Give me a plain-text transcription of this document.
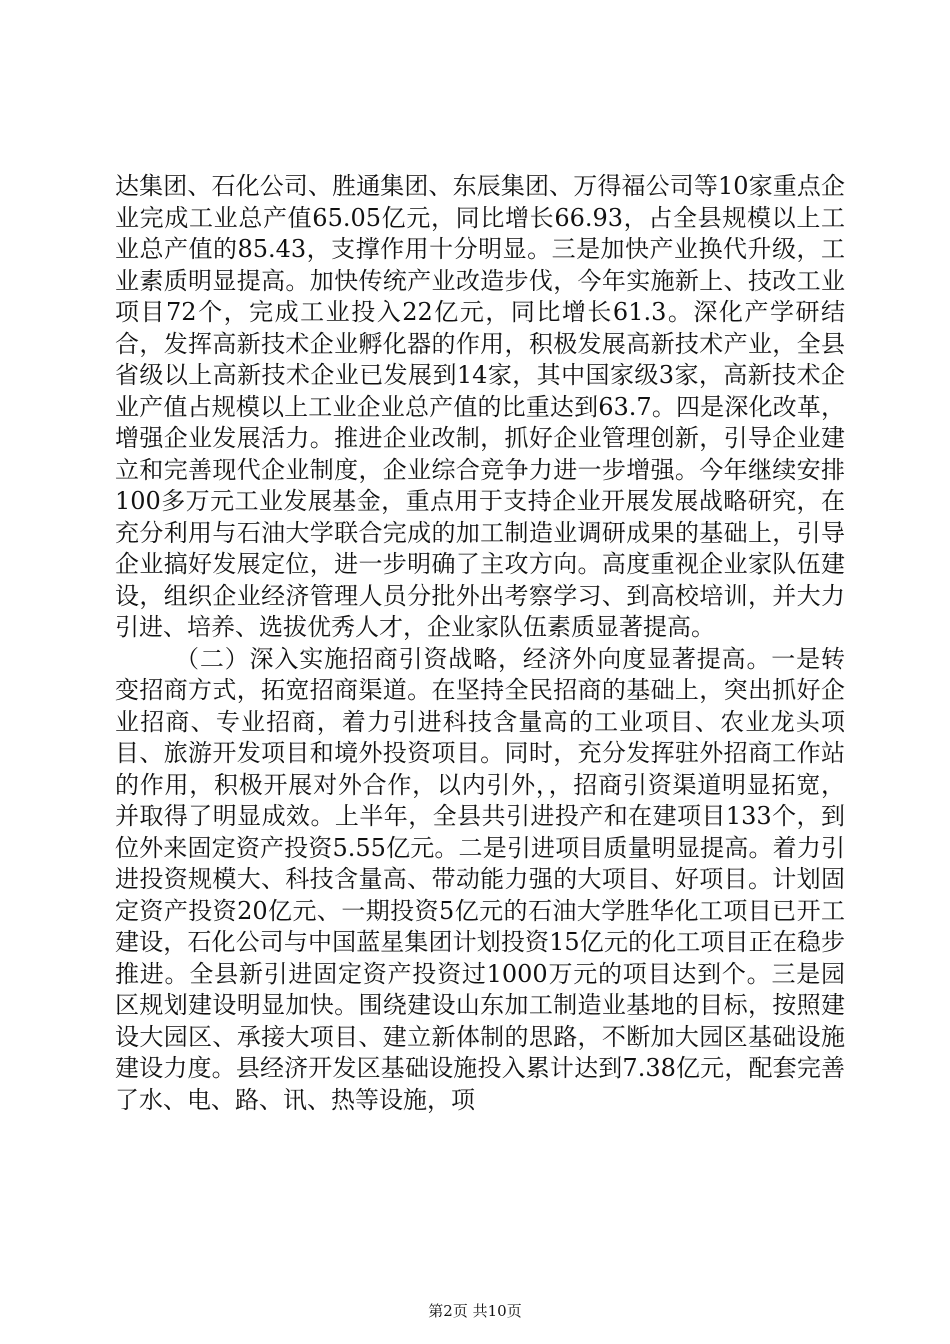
达集团、石化公司、胜通集团、东辰集团、万得福公司等10家重点企业完成工业总产值65.05亿元，同比增长66.93，占全县规模以上工业总产值的85.43，支撑作用十分明显。三是加快产业换代升级，工业素质明显提高。加快传统产业改造步伐，今年实施新上、技改工业项目72个，完成工业投入22亿元，同比增长61.3。深化产学研结合，发挥高新技术企业孵化器的作用，积极发展高新技术产业，全县省级以上高新技术企业已发展到14家，其中国家级3家，高新技术企业产值占规模以上工业企业总产值的比重达到63.7。四是深化改革，增强企业发展活力。推进企业改制，抓好企业管理创新，引导企业建立和完善现代企业制度，企业综合竞争力进一步增强。今年继续安排100多万元工业发展基金，重点用于支持企业开展发展战略研究，在充分利用与石油大学联合完成的加工制造业调研成果的基础上，引导企业搞好发展定位，进一步明确了主攻方向。高度重视企业家队伍建设，组织企业经济管理人员分批外出考察学习、到高校培训，并大力引进、培养、选拔优秀人才，企业家队伍素质显著提高。

（二）深入实施招商引资战略，经济外向度显著提高。一是转变招商方式，拓宽招商渠道。在坚持全民招商的基础上，突出抓好企业招商、专业招商，着力引进科技含量高的工业项目、农业龙头项目、旅游开发项目和境外投资项目。同时，充分发挥驻外招商工作站的作用，积极开展对外合作，以内引外，，招商引资渠道明显拓宽，并取得了明显成效。上半年，全县共引进投产和在建项目133个，到位外来固定资产投资5.55亿元。二是引进项目质量明显提高。着力引进投资规模大、科技含量高、带动能力强的大项目、好项目。计划固定资产投资20亿元、一期投资5亿元的石油大学胜华化工项目已开工建设，石化公司与中国蓝星集团计划投资15亿元的化工项目正在稳步推进。全县新引进固定资产投资过1000万元的项目达到个。三是园区规划建设明显加快。围绕建设山东加工制造业基地的目标，按照建设大园区、承接大项目、建立新体制的思路，不断加大园区基础设施建设力度。县经济开发区基础设施投入累计达到7.38亿元，配套完善了水、电、路、讯、热等设施，项

第2页 共10页
